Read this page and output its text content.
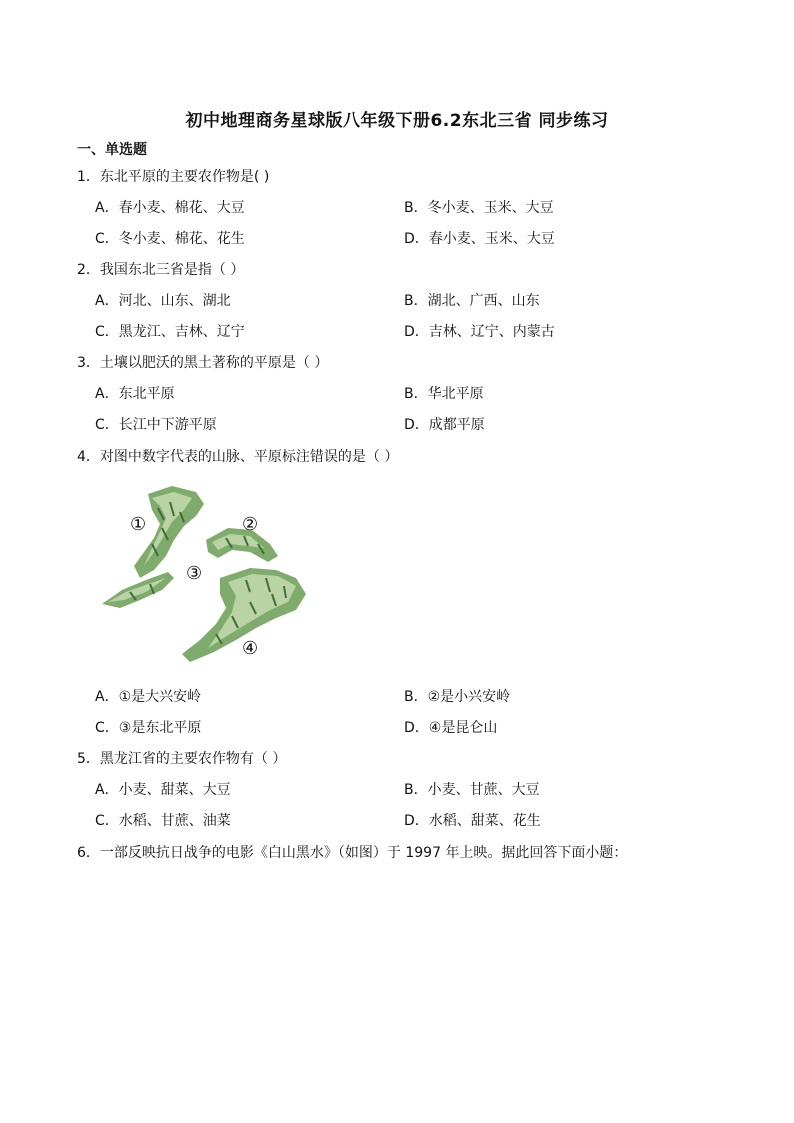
初中地理商务星球版八年级下册6.2东北三省 同步练习
一、单选题
1．东北平原的主要农作物是( )
A．春小麦、棉花、大豆	B．冬小麦、玉米、大豆
C．冬小麦、棉花、花生	D．春小麦、玉米、大豆
2．我国东北三省是指（ ）
A．河北、山东、湖北	B．湖北、广西、山东
C．黑龙江、吉林、辽宁	D．吉林、辽宁、内蒙古
3．土壤以肥沃的黑土著称的平原是（ ）
A．东北平原	B．华北平原
C．长江中下游平原	D．成都平原
4．对图中数字代表的山脉、平原标注错误的是（ ）
①	②
③
④
A．①是大兴安岭	B．②是小兴安岭
C．③是东北平原	D．④是昆仑山
5．黑龙江省的主要农作物有（ ）
A．小麦、甜菜、大豆	B．小麦、甘蔗、大豆
C．水稻、甘蔗、油菜	D．水稻、甜菜、花生
6．一部反映抗日战争的电影《白山黑水》（如图）于 1997 年上映。据此回答下面小题：
